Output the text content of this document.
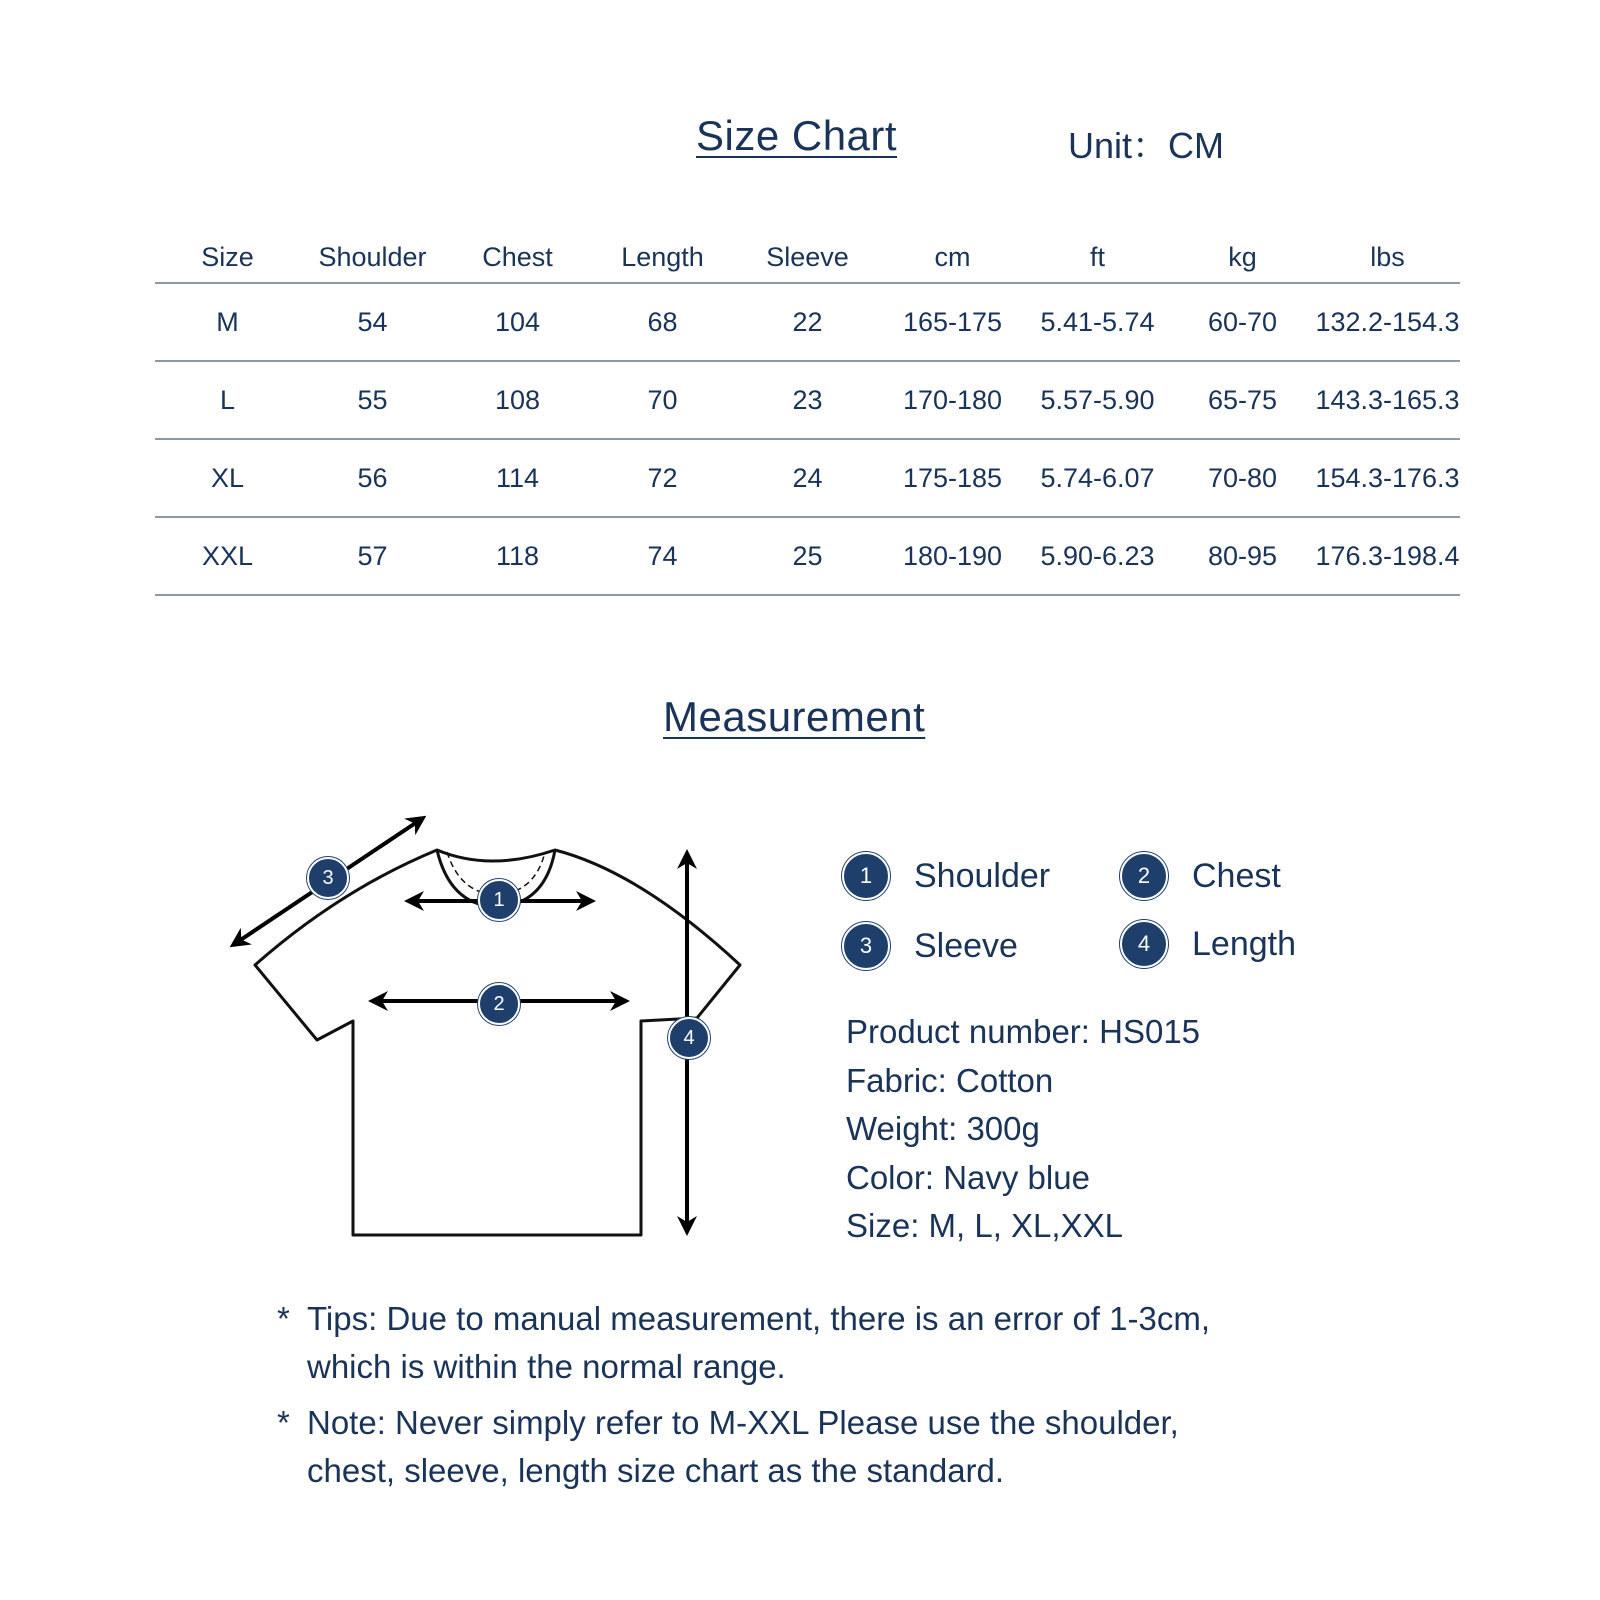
Size Chart	Unit：CM
Size	Shoulder	Chest	Length	Sleeve	cm	ft	kg	lbs
M	54	104	68	22	165-175	5.41-5.74	60-70	132.2-154.3
L	55	108	70	23	170-180	5.57-5.90	65-75	143.3-165.3
XL	56	114	72	24	175-185	5.74-6.07	70-80	154.3-176.3
XXL	57	118	74	25	180-190	5.90-6.23	80-95	176.3-198.4
Measurement
1
2
3
4
1	Shoulder	2	Chest
3	Sleeve	4	Length
Product number: HS015
Fabric: Cotton
Weight: 300g
Color: Navy blue
Size: M, L, XL,XXL
* Tips: Due to manual measurement, there is an error of 1-3cm,
which is within the normal range.
* Note: Never simply refer to M-XXL Please use the shoulder,
chest, sleeve, length size chart as the standard.
